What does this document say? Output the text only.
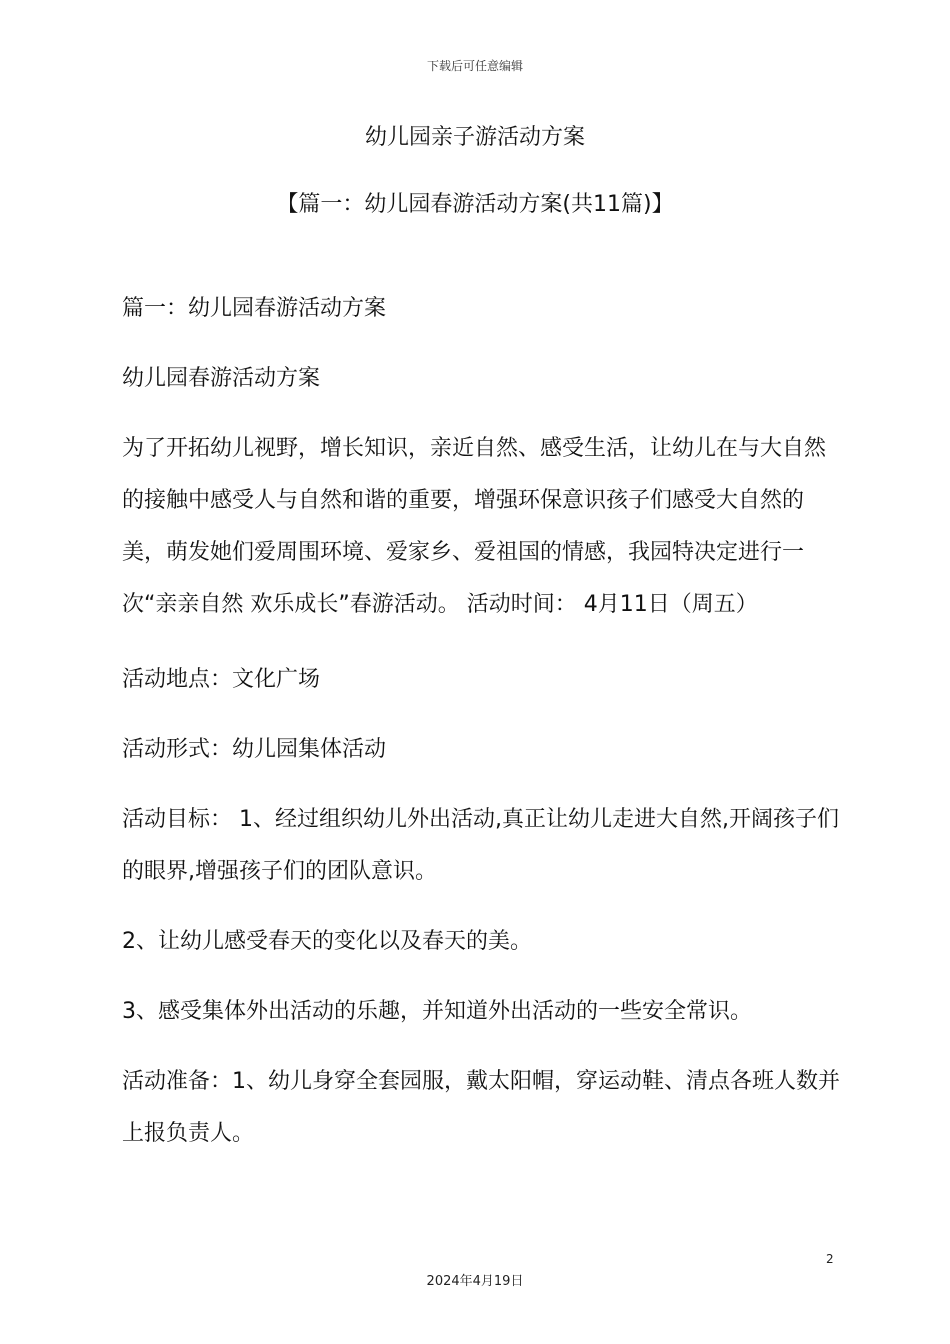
下载后可任意编辑
幼儿园亲子游活动方案
【篇一：幼儿园春游活动方案(共11篇)】

篇一：幼儿园春游活动方案

幼儿园春游活动方案

为了开拓幼儿视野，增长知识，亲近自然、感受生活，让幼儿在与大自然的接触中感受人与自然和谐的重要，增强环保意识孩子们感受大自然的美，萌发她们爱周围环境、爱家乡、爱祖国的情感，我园特决定进行一次“亲亲自然 欢乐成长”春游活动。 活动时间： 4月11日（周五）

活动地点：文化广场

活动形式：幼儿园集体活动

活动目标： 1、经过组织幼儿外出活动,真正让幼儿走进大自然,开阔孩子们的眼界,增强孩子们的团队意识。

2、让幼儿感受春天的变化以及春天的美。

3、感受集体外出活动的乐趣，并知道外出活动的一些安全常识。

活动准备：1、幼儿身穿全套园服，戴太阳帽，穿运动鞋、清点各班人数并上报负责人。

2
2024年4月19日
